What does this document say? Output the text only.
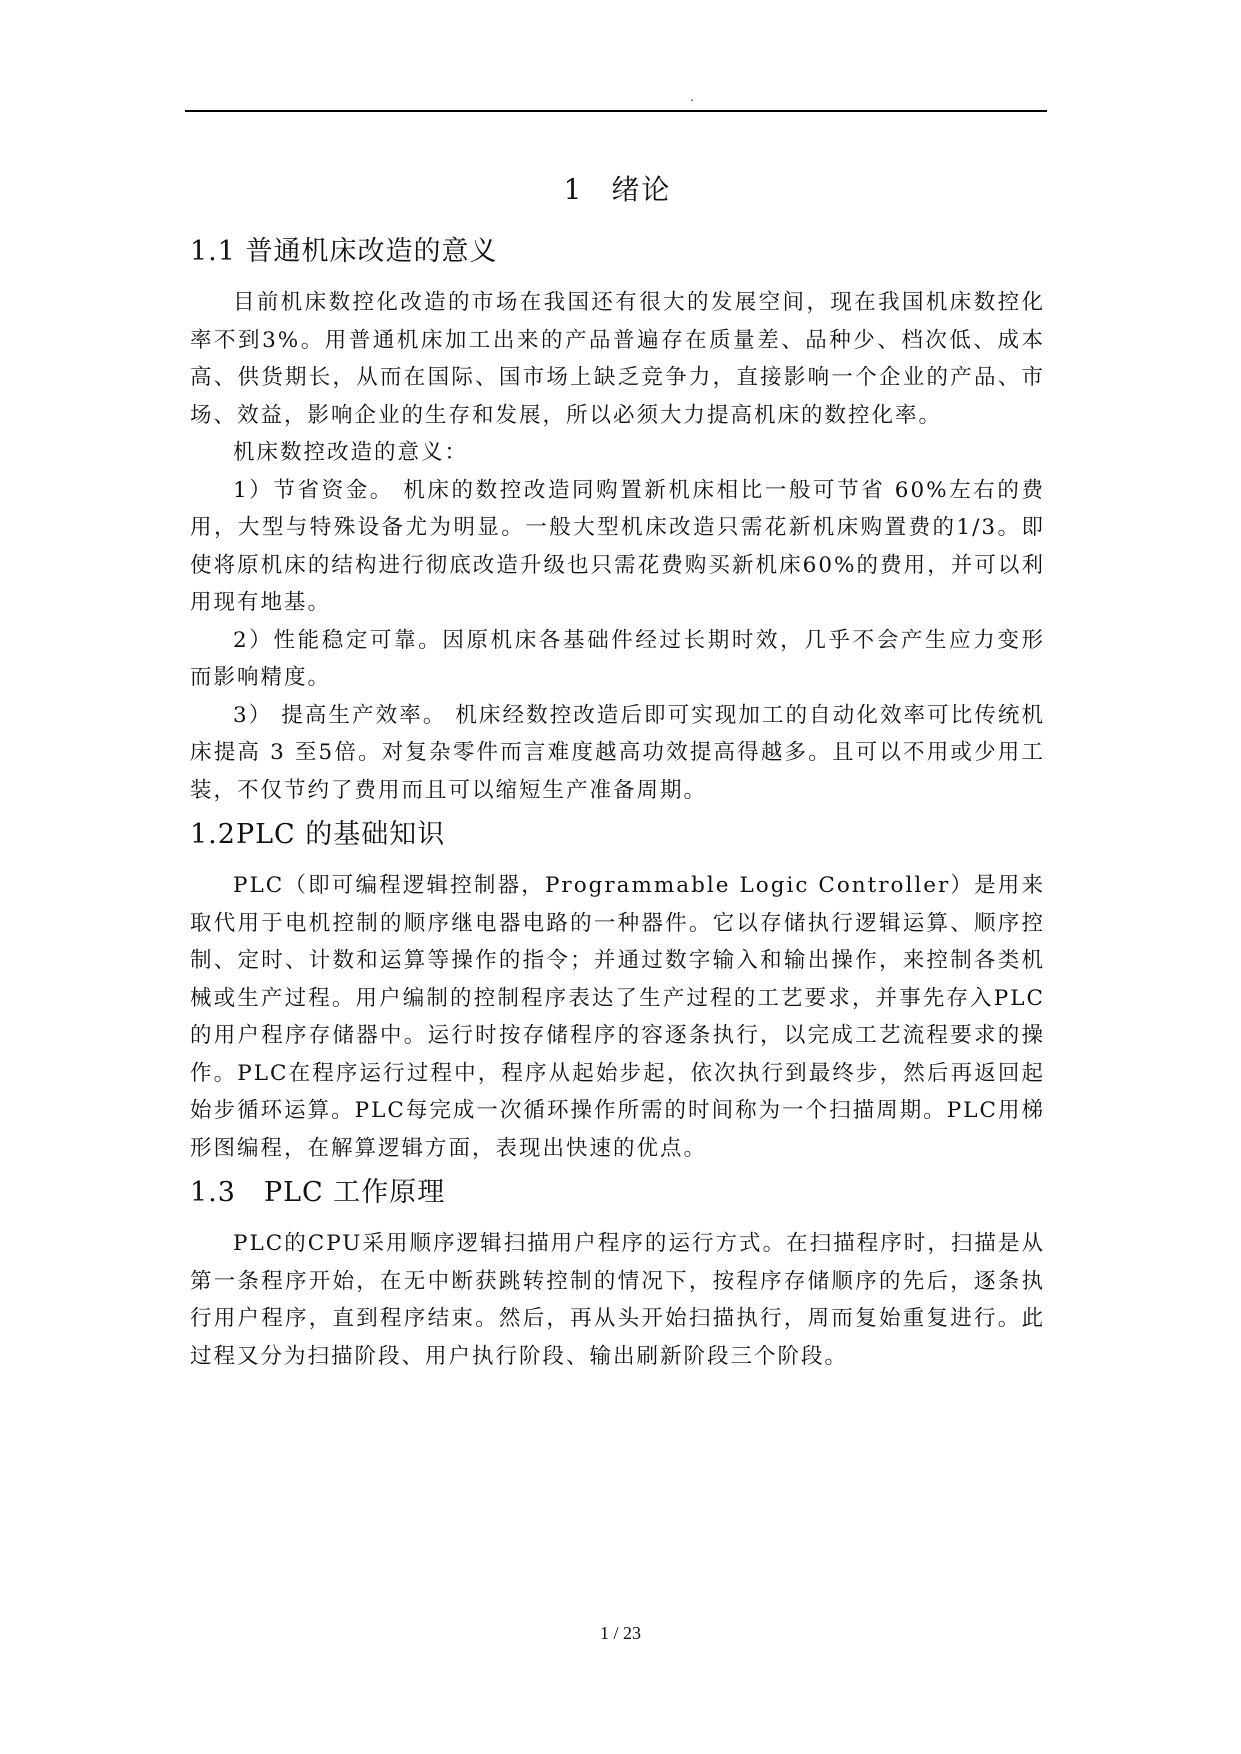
.
1 绪论
1.1 普通机床改造的意义

目前机床数控化改造的市场在我国还有很大的发展空间，现在我国机床数控化率不到3%。用普通机床加工出来的产品普遍存在质量差、品种少、档次低、成本高、供货期长，从而在国际、国市场上缺乏竞争力，直接影响一个企业的产品、市场、效益，影响企业的生存和发展，所以必须大力提高机床的数控化率。

机床数控改造的意义：

1）节省资金。 机床的数控改造同购置新机床相比一般可节省 60%左右的费用，大型与特殊设备尤为明显。一般大型机床改造只需花新机床购置费的1/3。即使将原机床的结构进行彻底改造升级也只需花费购买新机床60%的费用，并可以利用现有地基。

2）性能稳定可靠。因原机床各基础件经过长期时效，几乎不会产生应力变形而影响精度。

3） 提高生产效率。 机床经数控改造后即可实现加工的自动化效率可比传统机床提高 3 至5倍。对复杂零件而言难度越高功效提高得越多。且可以不用或少用工装，不仅节约了费用而且可以缩短生产准备周期。

1.2PLC 的基础知识

PLC（即可编程逻辑控制器，Programmable Logic Controller）是用来取代用于电机控制的顺序继电器电路的一种器件。它以存储执行逻辑运算、顺序控制、定时、计数和运算等操作的指令；并通过数字输入和输出操作，来控制各类机械或生产过程。用户编制的控制程序表达了生产过程的工艺要求，并事先存入PLC的用户程序存储器中。运行时按存储程序的容逐条执行，以完成工艺流程要求的操作。PLC在程序运行过程中，程序从起始步起，依次执行到最终步，然后再返回起始步循环运算。PLC每完成一次循环操作所需的时间称为一个扫描周期。PLC用梯形图编程，在解算逻辑方面，表现出快速的优点。

1.3　PLC 工作原理

PLC的CPU采用顺序逻辑扫描用户程序的运行方式。在扫描程序时，扫描是从第一条程序开始，在无中断获跳转控制的情况下，按程序存储顺序的先后，逐条执行用户程序，直到程序结束。然后，再从头开始扫描执行，周而复始重复进行。此过程又分为扫描阶段、用户执行阶段、输出刷新阶段三个阶段。

1 / 23
